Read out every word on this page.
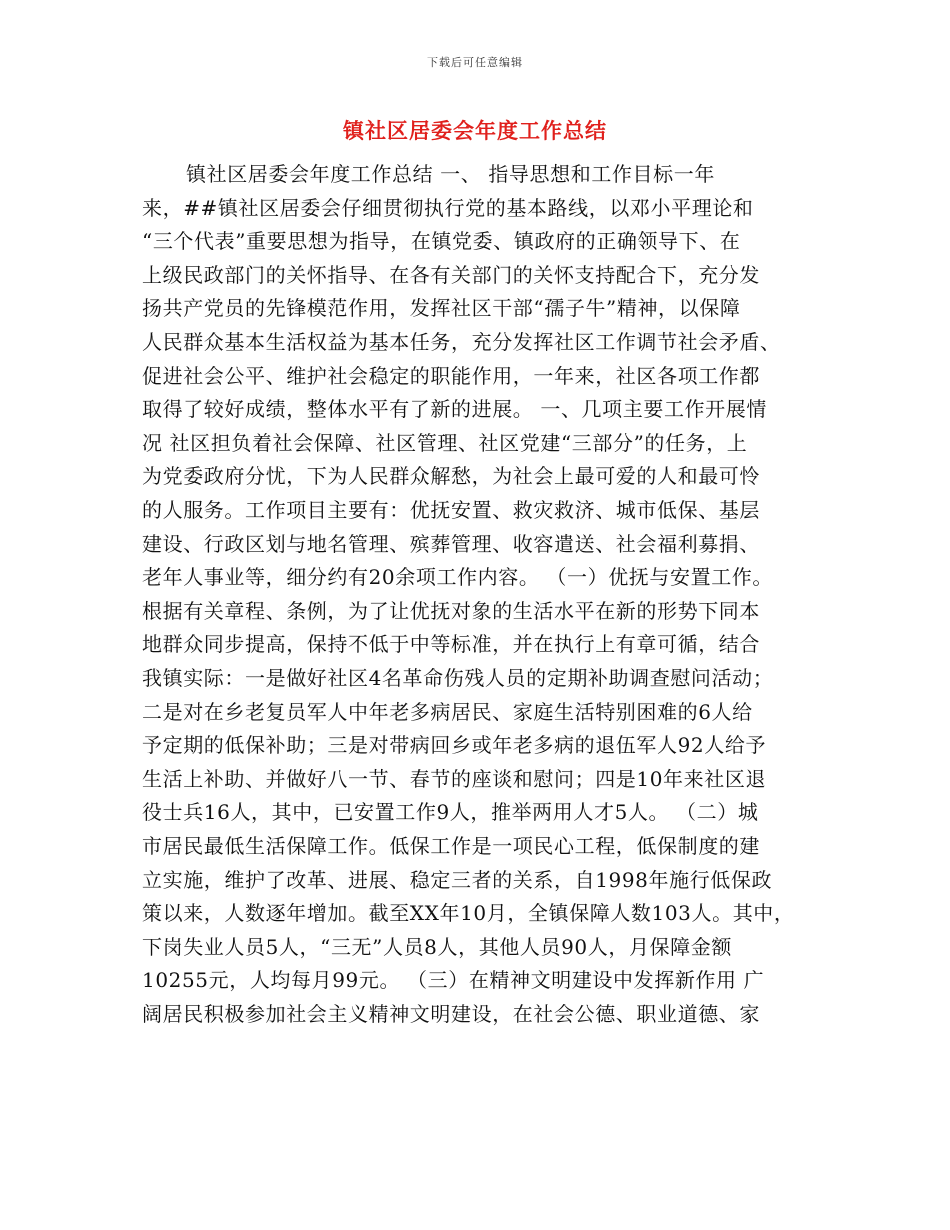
下载后可任意编辑
镇社区居委会年度工作总结
镇社区居委会年度工作总结 一、 指导思想和工作目标一年
来，##镇社区居委会仔细贯彻执行党的基本路线，以邓小平理论和
“三个代表”重要思想为指导，在镇党委、镇政府的正确领导下、在
上级民政部门的关怀指导、在各有关部门的关怀支持配合下，充分发
扬共产党员的先锋模范作用，发挥社区干部“孺子牛”精神，以保障
人民群众基本生活权益为基本任务，充分发挥社区工作调节社会矛盾、
促进社会公平、维护社会稳定的职能作用，一年来，社区各项工作都
取得了较好成绩，整体水平有了新的进展。 一、几项主要工作开展情
况 社区担负着社会保障、社区管理、社区党建“三部分”的任务，上
为党委政府分忧，下为人民群众解愁，为社会上最可爱的人和最可怜
的人服务。工作项目主要有：优抚安置、救灾救济、城市低保、基层
建设、行政区划与地名管理、殡葬管理、收容遣送、社会福利募捐、
老年人事业等，细分约有20余项工作内容。 （一）优抚与安置工作。
根据有关章程、条例，为了让优抚对象的生活水平在新的形势下同本
地群众同步提高，保持不低于中等标准，并在执行上有章可循，结合
我镇实际：一是做好社区4名革命伤残人员的定期补助调查慰问活动；
二是对在乡老复员军人中年老多病居民、家庭生活特别困难的6人给
予定期的低保补助；三是对带病回乡或年老多病的退伍军人92人给予
生活上补助、并做好八一节、春节的座谈和慰问；四是10年来社区退
役士兵16人，其中，已安置工作9人，推举两用人才5人。 （二）城
市居民最低生活保障工作。低保工作是一项民心工程，低保制度的建
立实施，维护了改革、进展、稳定三者的关系，自1998年施行低保政
策以来，人数逐年增加。截至XX年10月，全镇保障人数103人。其中，
下岗失业人员5人，“三无”人员8人，其他人员90人，月保障金额
10255元，人均每月99元。 （三）在精神文明建设中发挥新作用 广
阔居民积极参加社会主义精神文明建设，在社会公德、职业道德、家
